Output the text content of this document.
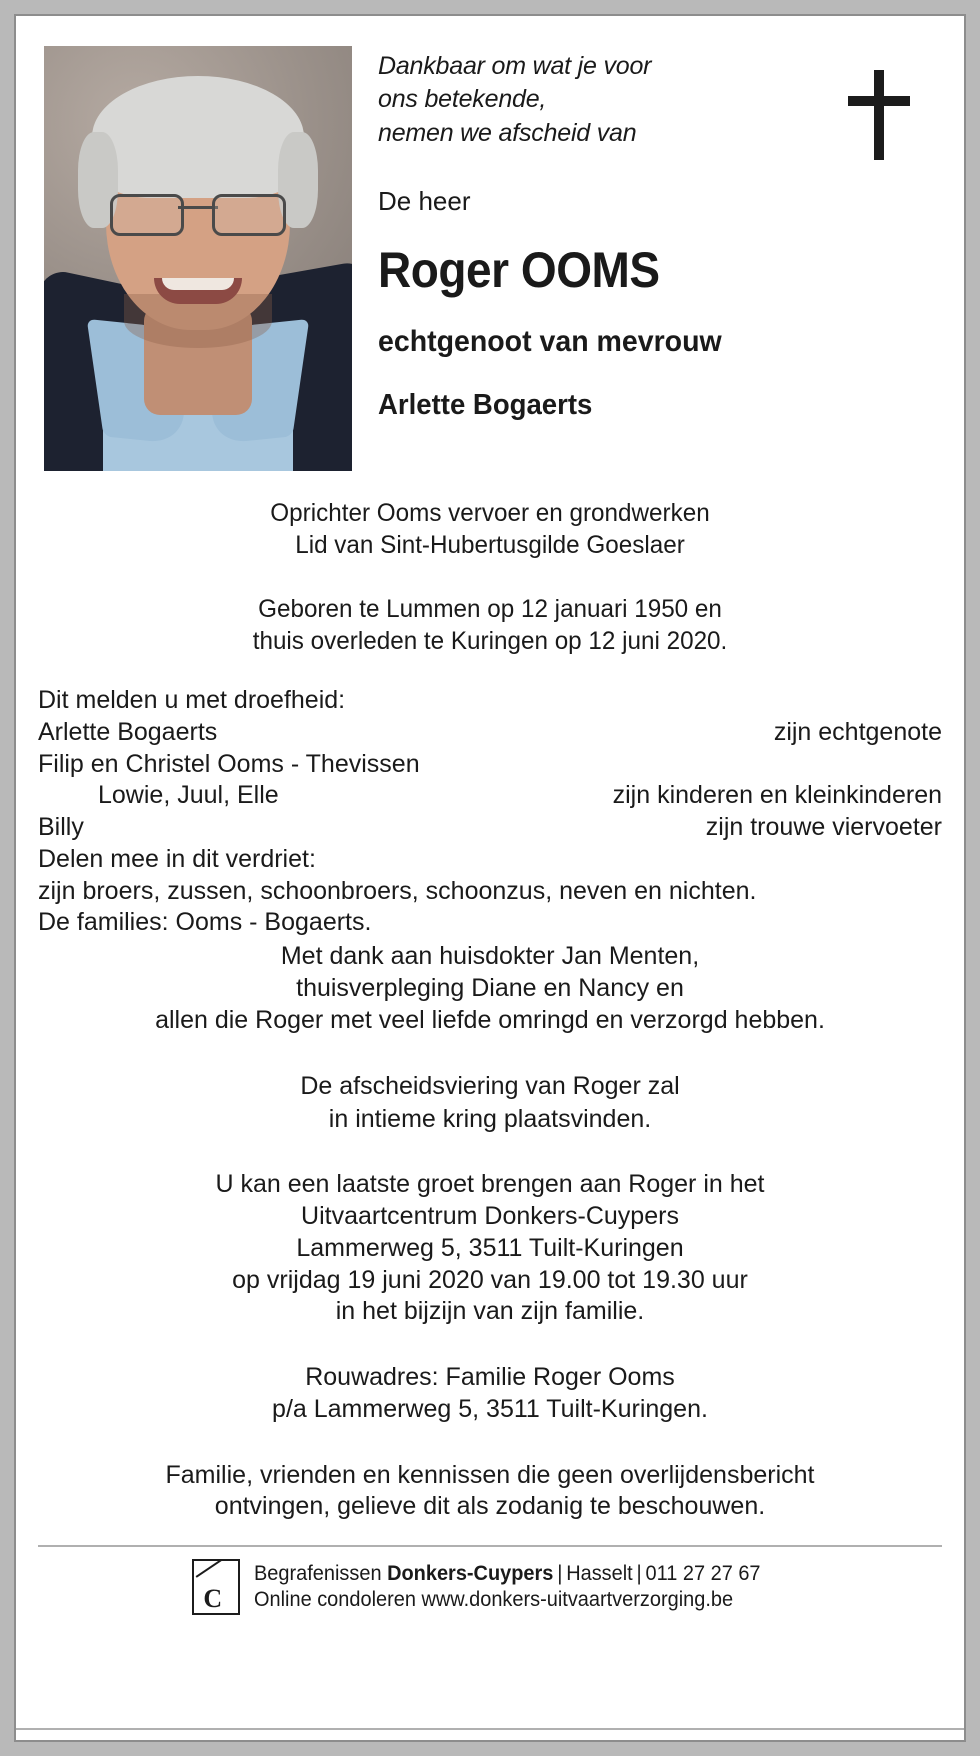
Dankbaar om wat je voor
ons betekende,
nemen we afscheid van
De heer
Roger OOMS
echtgenoot van mevrouw
Arlette Bogaerts
Oprichter Ooms vervoer en grondwerken
Lid van Sint-Hubertusgilde Goeslaer
Geboren te Lummen op 12 januari 1950 en
thuis overleden te Kuringen op 12 juni 2020.
Dit melden u met droefheid:
Arlette Bogaerts	zijn echtgenote
Filip en Christel Ooms - Thevissen
Lowie, Juul, Elle	zijn kinderen en kleinkinderen
Billy	zijn trouwe viervoeter
Delen mee in dit verdriet:
zijn broers, zussen, schoonbroers, schoonzus, neven en nichten.
De families: Ooms - Bogaerts.
Met dank aan huisdokter Jan Menten,
thuisverpleging Diane en Nancy en
allen die Roger met veel liefde omringd en verzorgd hebben.
De afscheidsviering van Roger zal
in intieme kring plaatsvinden.
U kan een laatste groet brengen aan Roger in het
Uitvaartcentrum Donkers-Cuypers
Lammerweg 5, 3511 Tuilt-Kuringen
op vrijdag 19 juni 2020 van 19.00 tot 19.30 uur
in het bijzijn van zijn familie.
Rouwadres: Familie Roger Ooms
p/a Lammerweg 5, 3511 Tuilt-Kuringen.
Familie, vrienden en kennissen die geen overlijdensbericht
ontvingen, gelieve dit als zodanig te beschouwen.
C
Begrafenissen Donkers-Cuypers | Hasselt | 011 27 27 67
Online condoleren www.donkers-uitvaartverzorging.be
